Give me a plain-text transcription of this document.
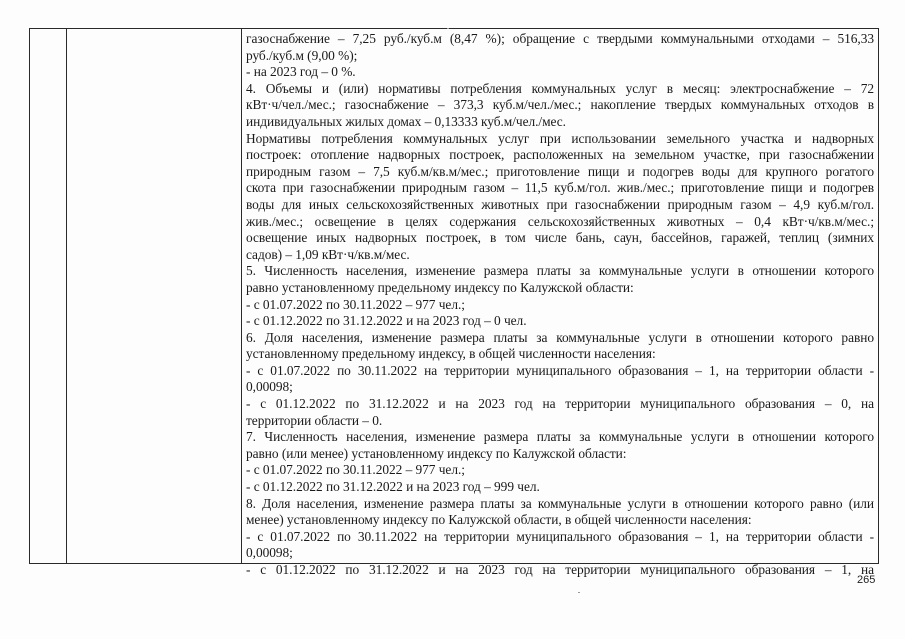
газоснабжение – 7,25 руб./куб.м (8,47 %); обращение с твердыми коммунальными отходами – 516,33
руб./куб.м (9,00 %);
- на 2023 год – 0 %.
4. Объемы и (или) нормативы потребления коммунальных услуг в месяц: электроснабжение – 72
кВт·ч/чел./мес.; газоснабжение – 373,3 куб.м/чел./мес.; накопление твердых коммунальных отходов в
индивидуальных жилых домах – 0,13333 куб.м/чел./мес.
Нормативы потребления коммунальных услуг при использовании земельного участка и надворных
построек: отопление надворных построек, расположенных на земельном участке, при газоснабжении
природным газом – 7,5 куб.м/кв.м/мес.; приготовление пищи и подогрев воды для крупного рогатого
скота при газоснабжении природным газом – 11,5 куб.м/гол. жив./мес.; приготовление пищи и подогрев
воды для иных сельскохозяйственных животных при газоснабжении природным газом – 4,9 куб.м/гол.
жив./мес.; освещение в целях содержания сельскохозяйственных животных – 0,4 кВт·ч/кв.м/мес.;
освещение иных надворных построек, в том числе бань, саун, бассейнов, гаражей, теплиц (зимних
садов) – 1,09 кВт·ч/кв.м/мес.
5. Численность населения, изменение размера платы за коммунальные услуги в отношении которого
равно установленному предельному индексу по Калужской области:
- с 01.07.2022 по 30.11.2022 – 977 чел.;
- с 01.12.2022 по 31.12.2022 и на 2023 год – 0 чел.
6. Доля населения, изменение размера платы за коммунальные услуги в отношении которого равно
установленному предельному индексу, в общей численности населения:
- с 01.07.2022 по 30.11.2022 на территории муниципального образования – 1, на территории области -
0,00098;
- с 01.12.2022 по 31.12.2022 и на 2023 год на территории муниципального образования – 0, на
территории области – 0.
7. Численность населения, изменение размера платы за коммунальные услуги в отношении которого
равно (или менее) установленному индексу по Калужской области:
- с 01.07.2022 по 30.11.2022 – 977 чел.;
- с 01.12.2022 по 31.12.2022 и на 2023 год – 999 чел.
8. Доля населения, изменение размера платы за коммунальные услуги в отношении которого равно (или
менее) установленному индексу по Калужской области, в общей численности населения:
- с 01.07.2022 по 30.11.2022 на территории муниципального образования – 1, на территории области -
0,00098;
- с 01.12.2022 по 31.12.2022 и на 2023 год на территории муниципального образования – 1, на
265
